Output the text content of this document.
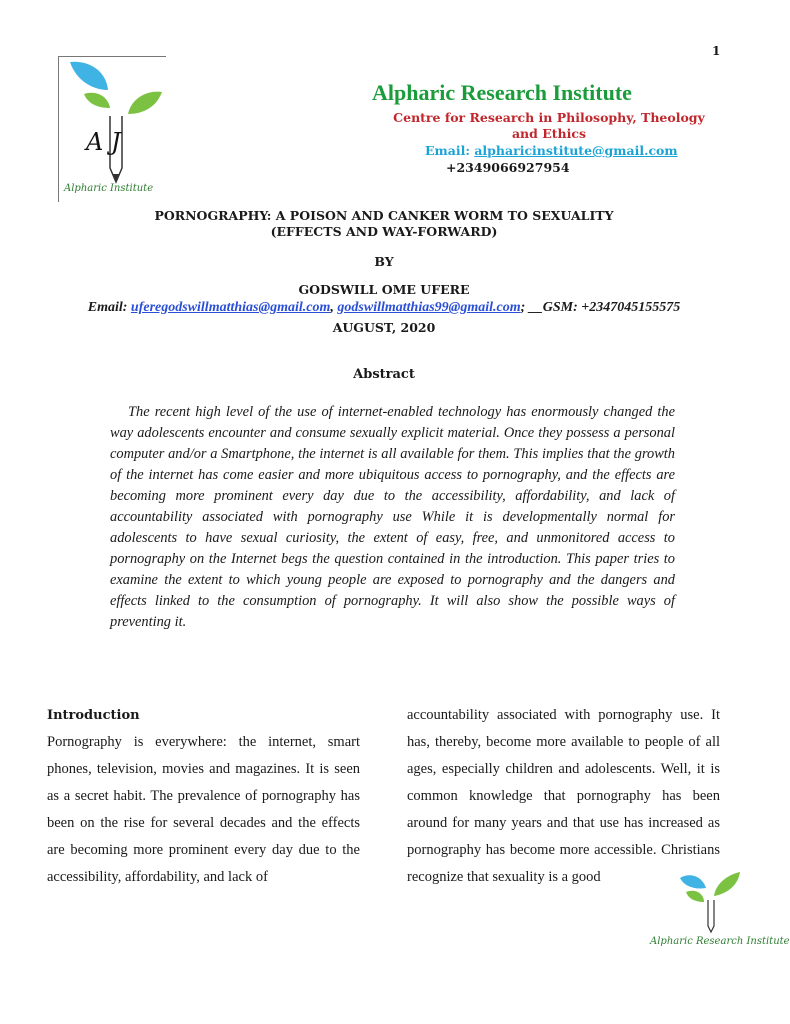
1
A J
Alpharic Institute
Alpharic Research Institute
Centre for Research in Philosophy, Theology and Ethics
Email: alpharicinstitute@gmail.com
+2349066927954
PORNOGRAPHY: A POISON AND CANKER WORM TO SEXUALITY
(EFFECTS AND WAY-FORWARD)
BY
GODSWILL OME UFERE
Email: uferegodswillmatthias@gmail.com, godswillmatthias99@gmail.com; __GSM: +2347045155575
AUGUST, 2020
Abstract

The recent high level of the use of internet-enabled technology has enormously changed the way adolescents encounter and consume sexually explicit material. Once they possess a personal computer and/or a Smartphone, the internet is all available for them. This implies that the growth of the internet has come easier and more ubiquitous access to pornography, and the effects are becoming more prominent every day due to the accessibility, affordability, and lack of accountability associated with pornography use While it is developmentally normal for adolescents to have sexual curiosity, the extent of easy, free, and unmonitored access to pornography on the Internet begs the question contained in the introduction. This paper tries to examine the extent to which young people are exposed to pornography and the dangers and effects linked to the consumption of pornography. It will also show the possible ways of preventing it.

Introduction
Pornography is everywhere: the internet, smart phones, television, movies and magazines. It is seen as a secret habit. The prevalence of pornography has been on the rise for several decades and the effects are becoming more prominent every day due to the accessibility, affordability, and lack of
accountability associated with pornography use. It has, thereby, become more available to people of all ages, especially children and adolescents. Well, it is common knowledge that pornography has been around for many years and that use has increased as pornography has become more accessible. Christians recognize that sexuality is a good
Alpharic Research Institute
